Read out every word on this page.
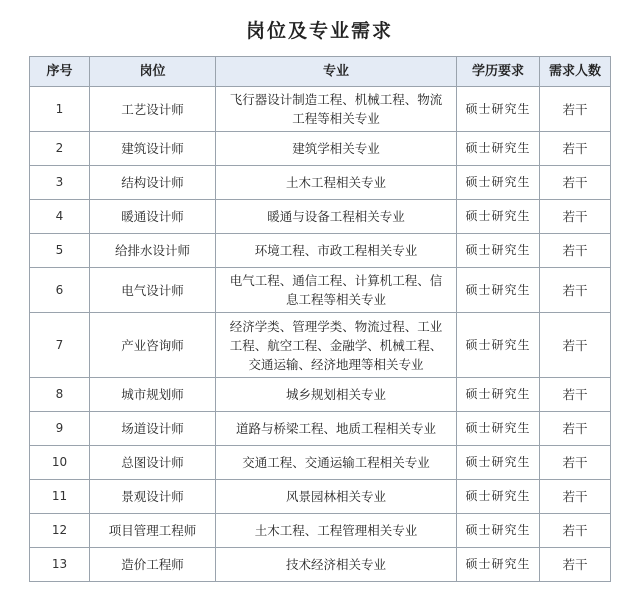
岗位及专业需求
序号	岗位	专业	学历要求	需求人数
1	工艺设计师	飞行器设计制造工程、机械工程、物流工程等相关专业	硕士研究生	若干
2	建筑设计师	建筑学相关专业	硕士研究生	若干
3	结构设计师	土木工程相关专业	硕士研究生	若干
4	暖通设计师	暖通与设备工程相关专业	硕士研究生	若干
5	给排水设计师	环境工程、市政工程相关专业	硕士研究生	若干
6	电气设计师	电气工程、通信工程、计算机工程、信息工程等相关专业	硕士研究生	若干
7	产业咨询师	经济学类、管理学类、物流过程、工业工程、航空工程、金融学、机械工程、交通运输、经济地理等相关专业	硕士研究生	若干
8	城市规划师	城乡规划相关专业	硕士研究生	若干
9	场道设计师	道路与桥梁工程、地质工程相关专业	硕士研究生	若干
10	总图设计师	交通工程、交通运输工程相关专业	硕士研究生	若干
11	景观设计师	风景园林相关专业	硕士研究生	若干
12	项目管理工程师	土木工程、工程管理相关专业	硕士研究生	若干
13	造价工程师	技术经济相关专业	硕士研究生	若干
